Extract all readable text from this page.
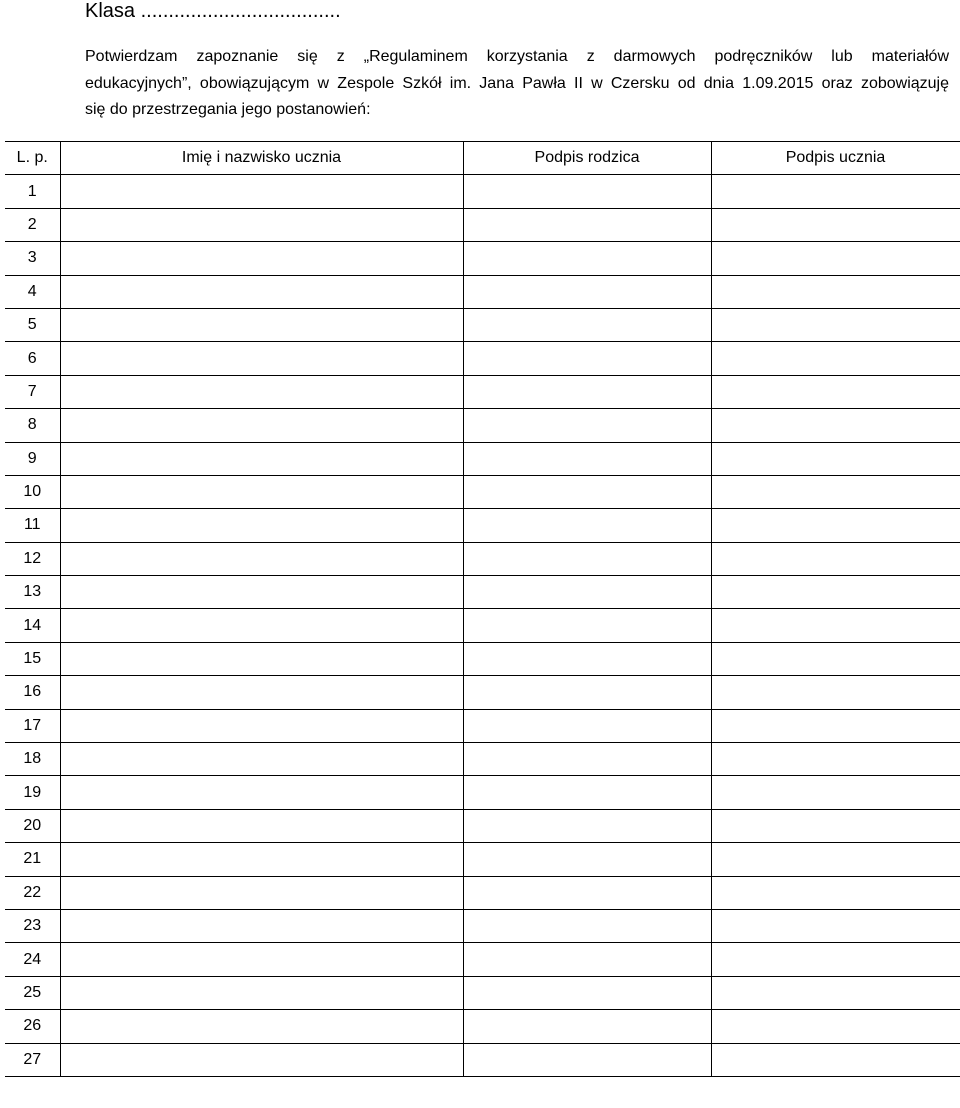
Klasa ....................................
Potwierdzam zapoznanie się z „Regulaminem korzystania z darmowych podręczników lub materiałów
edukacyjnych”, obowiązującym w Zespole Szkół im. Jana Pawła II w Czersku od dnia 1.09.2015 oraz zobowiązuję
się do przestrzegania jego postanowień:
L. p.	Imię i nazwisko ucznia	Podpis rodzica	Podpis ucznia
1			
2			
3			
4			
5			
6			
7			
8			
9			
10			
11			
12			
13			
14			
15			
16			
17			
18			
19			
20			
21			
22			
23			
24			
25			
26			
27			
